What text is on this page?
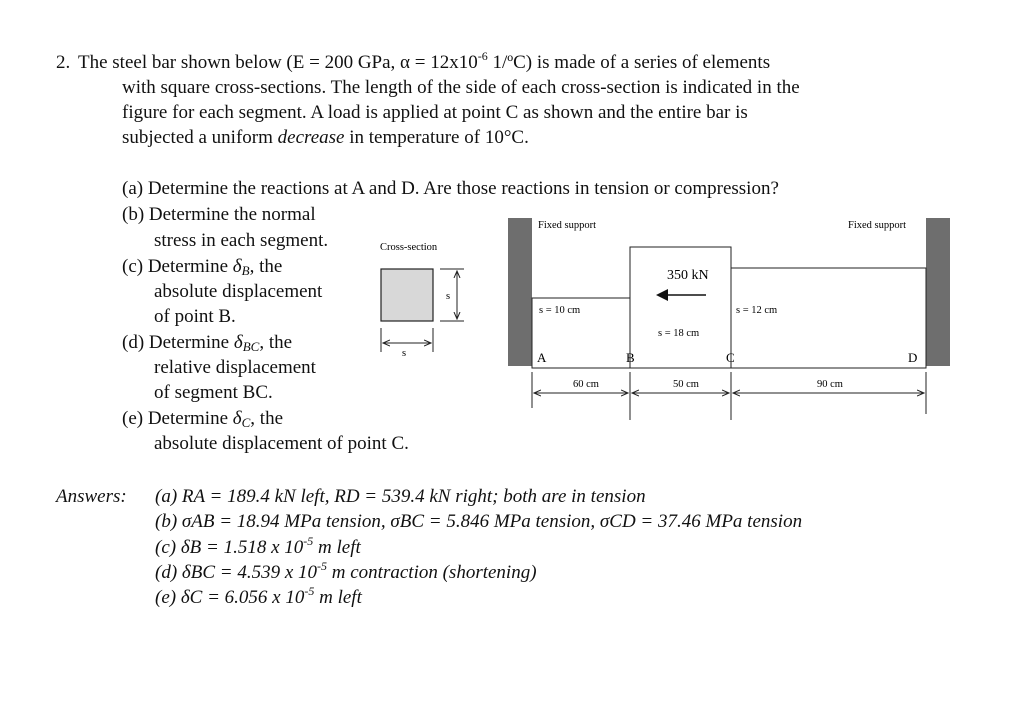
2. The steel bar shown below (E = 200 GPa, $\alpha = 12x10^{-6}$ 1/ºC) is made of a series of elements
with square cross-sections. The length of the side of each cross-section is indicated in the
figure for each segment. A load is applied at point C as shown and the entire bar is
subjected a uniform decrease in temperature of 10°C.
(a) Determine the reactions at A and D. Are those reactions in tension or compression?
(b) Determine the normal
stress in each segment.
(c) Determine $\delta_B$, the
absolute displacement
of point B.
(d) Determine $\delta_{BC}$, the
relative displacement
of segment BC.
(e) Determine $\delta_C$, the
absolute displacement of point C.
Cross-section
s
s
Fixed support	Fixed support
s = 10 cm
s = 18 cm
s = 12 cm
350 kN
A	B	C	D
60 cm	50 cm	90 cm
Answers: (a) RA = 189.4 kN left, RD = 539.4 kN right; both are in tension
(b) σAB = 18.94 MPa tension, σBC = 5.846 MPa tension, σCD = 37.46 MPa tension
(c) δB = 1.518 x $10^{-5}$ m left
(d) δBC = 4.539 x $10^{-5}$ m contraction (shortening)
(e) δC = 6.056 x $10^{-5}$ m left
